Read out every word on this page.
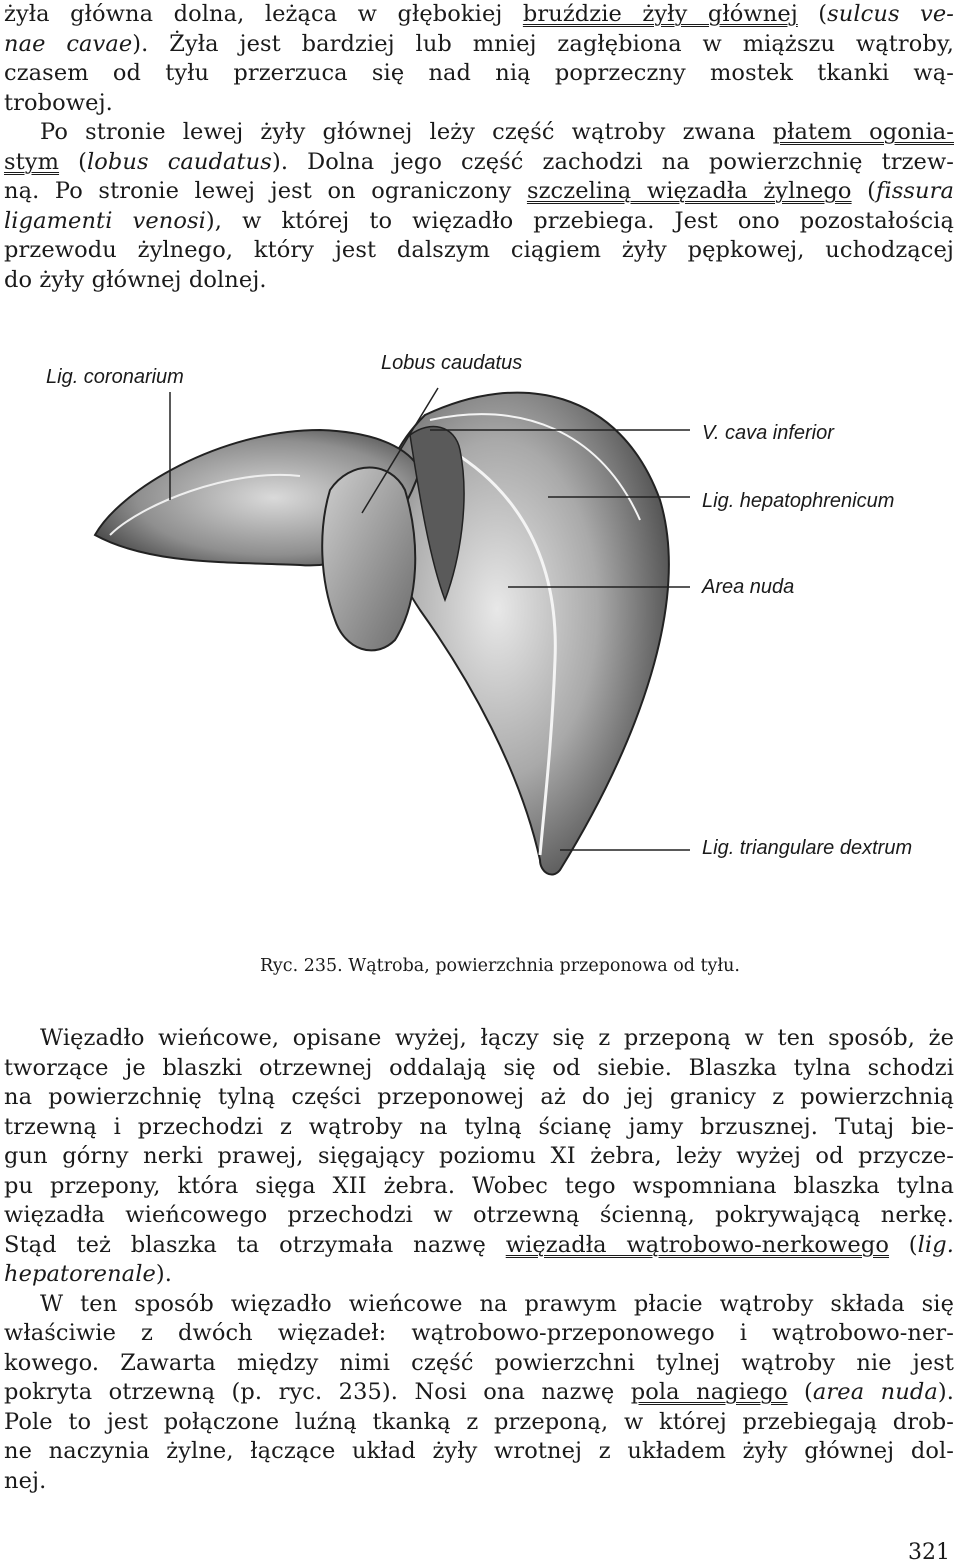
żyła główna dolna, leżąca w głębokiej bruździe żyły głównej (sulcus ve-
nae cavae). Żyła jest bardziej lub mniej zagłębiona w miąższu wątroby,
czasem od tyłu przerzuca się nad nią poprzeczny mostek tkanki wą-
trobowej.
Po stronie lewej żyły głównej leży część wątroby zwana płatem ogonia-
stym (lobus caudatus). Dolna jego część zachodzi na powierzchnię trzew-
ną. Po stronie lewej jest on ograniczony szczeliną więzadła żylnego (fissura
ligamenti venosi), w której to więzadło przebiega. Jest ono pozostałością
przewodu żylnego, który jest dalszym ciągiem żyły pępkowej, uchodzącej
do żyły głównej dolnej.
Lig. coronarium
Lobus caudatus
V. cava inferior
Lig. hepatophrenicum
Area nuda
Lig. triangulare dextrum
Ryc. 235. Wątroba, powierzchnia przeponowa od tyłu.
Więzadło wieńcowe, opisane wyżej, łączy się z przeponą w ten sposób, że
tworzące je blaszki otrzewnej oddalają się od siebie. Blaszka tylna schodzi
na powierzchnię tylną części przeponowej aż do jej granicy z powierzchnią
trzewną i przechodzi z wątroby na tylną ścianę jamy brzusznej. Tutaj bie-
gun górny nerki prawej, sięgający poziomu XI żebra, leży wyżej od przycze-
pu przepony, która sięga XII żebra. Wobec tego wspomniana blaszka tylna
więzadła wieńcowego przechodzi w otrzewną ścienną, pokrywającą nerkę.
Stąd też blaszka ta otrzymała nazwę więzadła wątrobowo-nerkowego (lig.
hepatorenale).
W ten sposób więzadło wieńcowe na prawym płacie wątroby składa się
właściwie z dwóch więzadeł: wątrobowo-przeponowego i wątrobowo-ner-
kowego. Zawarta między nimi część powierzchni tylnej wątroby nie jest
pokryta otrzewną (p. ryc. 235). Nosi ona nazwę pola nagiego (area nuda).
Pole to jest połączone luźną tkanką z przeponą, w której przebiegają drob-
ne naczynia żylne, łączące układ żyły wrotnej z układem żyły głównej dol-
nej.
321
